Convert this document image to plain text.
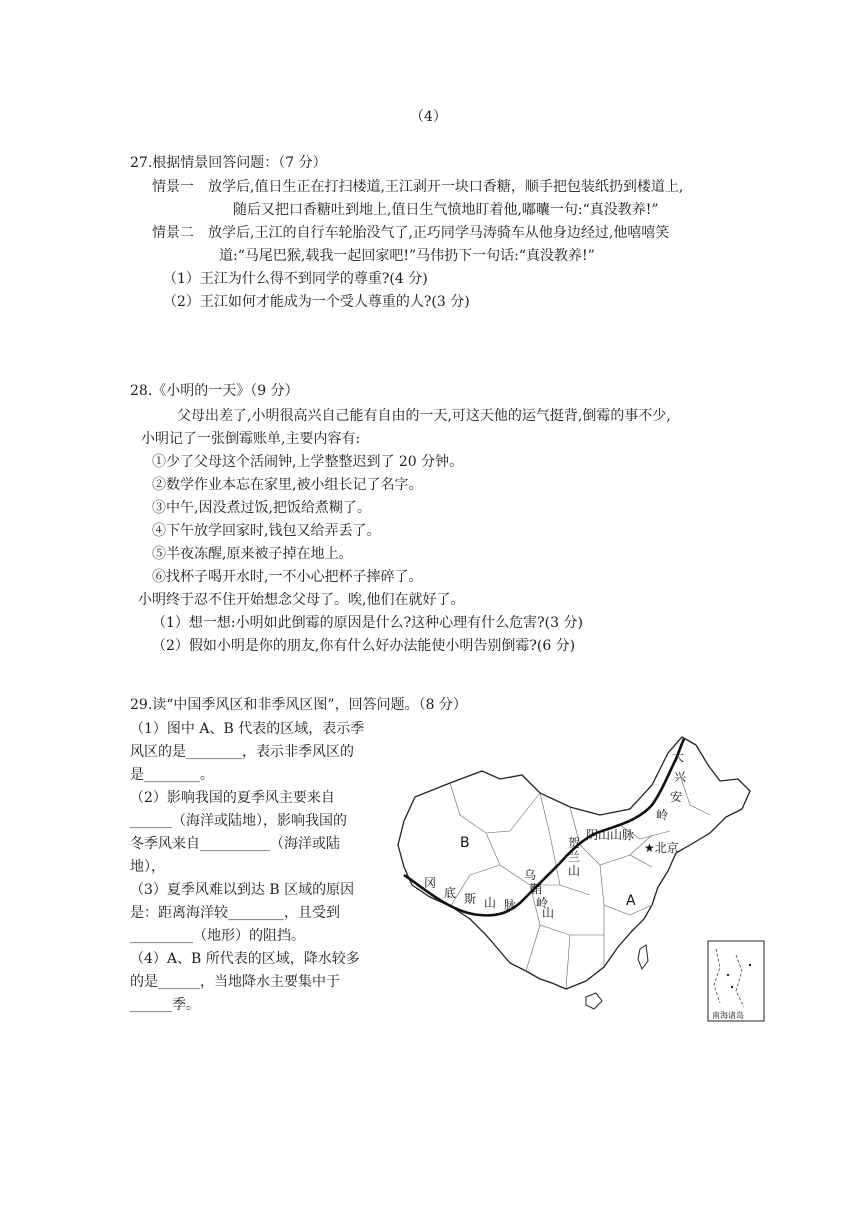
（4）
27.根据情景回答问题：（7 分）
情景一　放学后,值日生正在打扫楼道,王江剥开一块口香糖，顺手把包装纸扔到楼道上,
随后又把口香糖吐到地上,值日生气愤地盯着他,嘟囔一句:“真没教养!”
情景二　放学后,王江的自行车轮胎没气了,正巧同学马涛骑车从他身边经过,他嘻嘻笑
道:“马尾巴猴,载我一起回家吧!”马伟扔下一句话:“真没教养!”
（1）王江为什么得不到同学的尊重?(4 分)
（2）王江如何才能成为一个受人尊重的人?(3 分)
28.《小明的一天》（9 分）
父母出差了,小明很高兴自己能有自由的一天,可这天他的运气挺背,倒霉的事不少,
小明记了一张倒霉账单,主要内容有:
①少了父母这个活闹钟,上学整整迟到了 20 分钟。
②数学作业本忘在家里,被小组长记了名字。
③中午,因没煮过饭,把饭给煮糊了。
④下午放学回家时,钱包又给弄丢了。
⑤半夜冻醒,原来被子掉在地上。
⑥找杯子喝开水时,一不小心把杯子摔碎了。
小明终于忍不住开始想念父母了。唉,他们在就好了。
（1）想一想:小明如此倒霉的原因是什么?这种心理有什么危害?(3 分)
（2）假如小明是你的朋友,你有什么好办法能使小明告别倒霉?(6 分)
29.读“中国季风区和非季风区图”，回答问题。（8 分）
（1）图中 A、B 代表的区域，表示季
风区的是________，表示非季风区的
是________。
（2）影响我国的夏季风主要来自
______（海洋或陆地），影响我国的
冬季风来自__________（海洋或陆
地），
（3）夏季风难以到达 B 区域的原因
是：距离海洋较________，且受到
_________（地形）的阻挡。
（4）A、B 所代表的区域，降水较多
的是______，当地降水主要集中于
______季。
B
A
★北京
大
兴
安
岭
阴山山脉
贺
兰
山
乌
鞘
岭
冈
底 斯 山 脉
山
南海诸岛
